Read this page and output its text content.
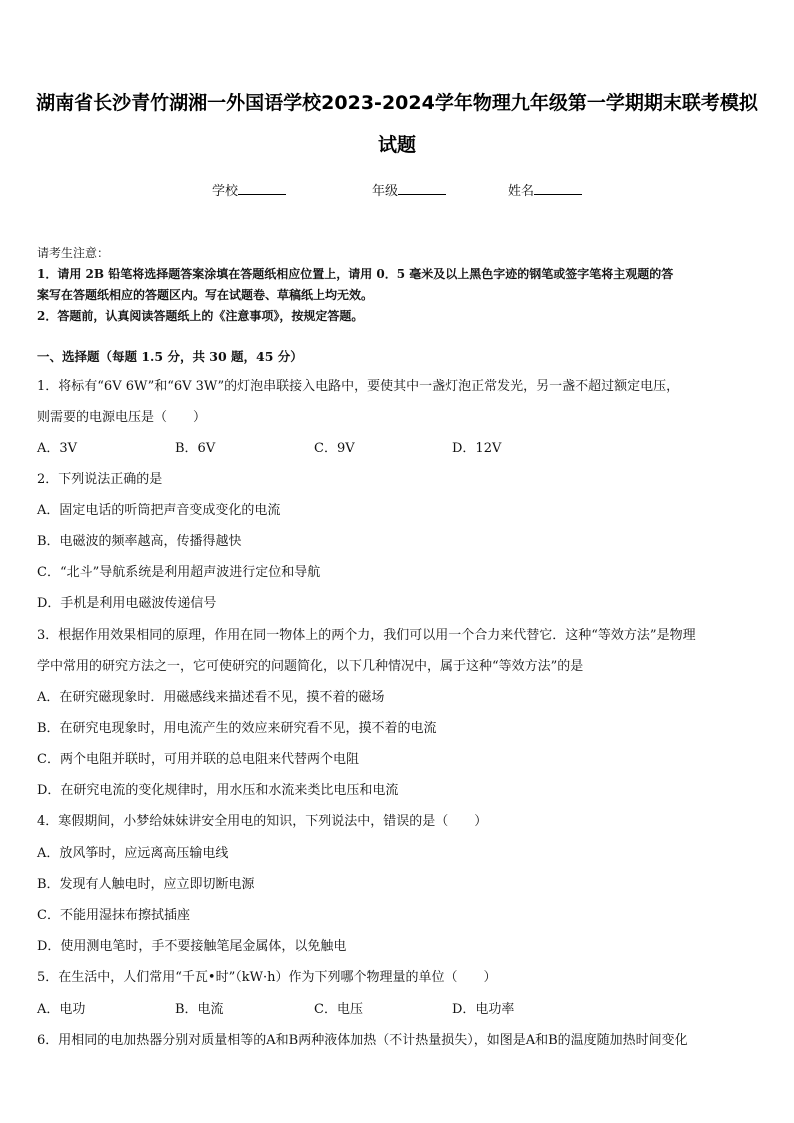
湖南省长沙青竹湖湘一外国语学校2023-2024学年物理九年级第一学期期末联考模拟
试题
学校	年级	姓名
请考生注意：
1．请用 2B 铅笔将选择题答案涂填在答题纸相应位置上，请用 0．5 毫米及以上黑色字迹的钢笔或签字笔将主观题的答
案写在答题纸相应的答题区内。写在试题卷、草稿纸上均无效。
2．答题前，认真阅读答题纸上的《注意事项》，按规定答题。
一、选择题（每题 1.5 分，共 30 题，45 分）
1．将标有“6V 6W”和“6V 3W”的灯泡串联接入电路中，要使其中一盏灯泡正常发光，另一盏不超过额定电压，
则需要的电源电压是（　　）
A．3V	B．6V	C．9V	D．12V
2．下列说法正确的是
A．固定电话的听筒把声音变成变化的电流
B．电磁波的频率越高，传播得越快
C．“北斗”导航系统是利用超声波进行定位和导航
D．手机是利用电磁波传递信号
3．根据作用效果相同的原理，作用在同一物体上的两个力，我们可以用一个合力来代替它．这种“等效方法”是物理
学中常用的研究方法之一，它可使研究的问题简化，以下几种情况中，属于这种“等效方法”的是
A．在研究磁现象时．用磁感线来描述看不见，摸不着的磁场
B．在研究电现象时，用电流产生的效应来研究看不见，摸不着的电流
C．两个电阻并联时，可用并联的总电阻来代替两个电阻
D．在研究电流的变化规律时，用水压和水流来类比电压和电流
4．寒假期间，小梦给妹妹讲安全用电的知识，下列说法中，错误的是（　　）
A．放风筝时，应远离高压输电线
B．发现有人触电时，应立即切断电源
C．不能用湿抹布擦拭插座
D．使用测电笔时，手不要接触笔尾金属体，以免触电
5．在生活中，人们常用“千瓦•时”（kW·h）作为下列哪个物理量的单位（　　）
A．电功	B．电流	C．电压	D．电功率
6．用相同的电加热器分别对质量相等的A和B两种液体加热（不计热量损失），如图是A和B的温度随加热时间变化
